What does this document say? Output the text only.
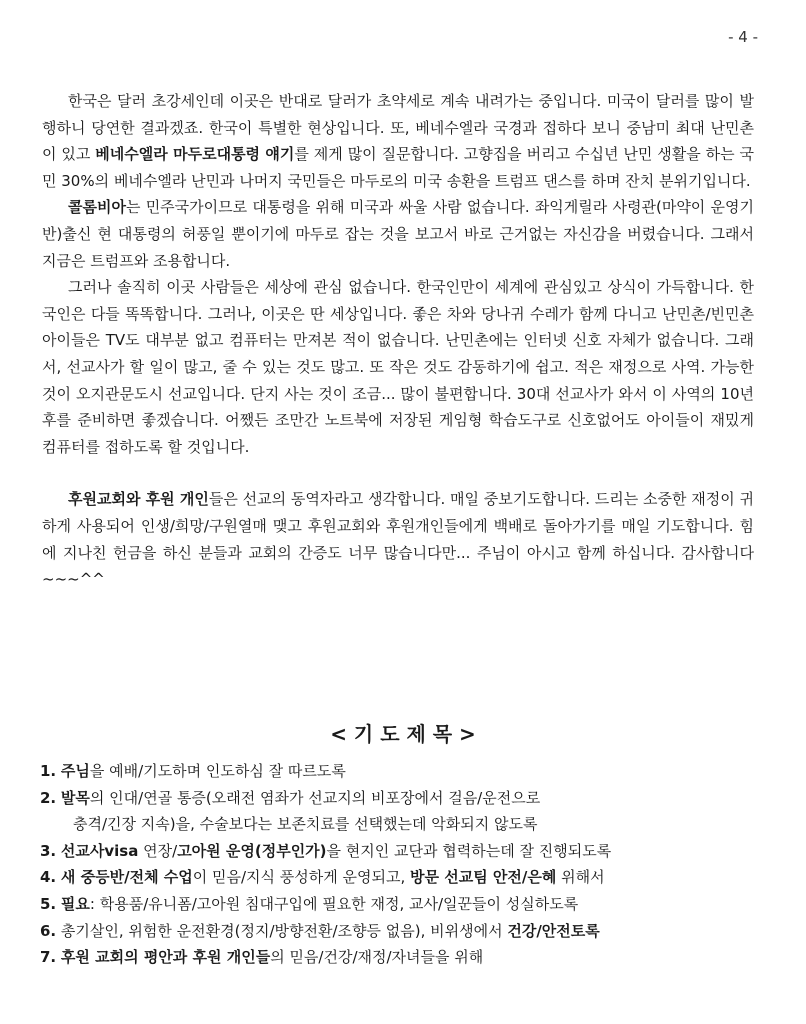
- 4 -

한국은 달러 초강세인데 이곳은 반대로 달러가 초약세로 계속 내려가는 중입니다. 미국이 달러를 많이 발행하니 당연한 결과겠죠. 한국이 특별한 현상입니다. 또, 베네수엘라 국경과 접하다 보니 중남미 최대 난민촌이 있고 베네수엘라 마두로대통령 얘기를 제게 많이 질문합니다. 고향집을 버리고 수십년 난민 생활을 하는 국민 30%의 베네수엘라 난민과 나머지 국민들은 마두로의 미국 송환을 트럼프 댄스를 하며 잔치 분위기입니다.

콜롬비아는 민주국가이므로 대통령을 위해 미국과 싸울 사람 없습니다. 좌익게릴라 사령관(마약이 운영기반)출신 현 대통령의 허풍일 뿐이기에 마두로 잡는 것을 보고서 바로 근거없는 자신감을 버렸습니다. 그래서 지금은 트럼프와 조용합니다.

그러나 솔직히 이곳 사람들은 세상에 관심 없습니다. 한국인만이 세계에 관심있고 상식이 가득합니다. 한국인은 다들 똑똑합니다. 그러나, 이곳은 딴 세상입니다. 좋은 차와 당나귀 수레가 함께 다니고 난민촌/빈민촌 아이들은 TV도 대부분 없고 컴퓨터는 만져본 적이 없습니다. 난민촌에는 인터넷 신호 자체가 없습니다. 그래서, 선교사가 할 일이 많고, 줄 수 있는 것도 많고. 또 작은 것도 감동하기에 쉽고. 적은 재정으로 사역. 가능한 것이 오지관문도시 선교입니다. 단지 사는 것이 조금... 많이 불편합니다. 30대 선교사가 와서 이 사역의 10년 후를 준비하면 좋겠습니다. 어쨌든 조만간 노트북에 저장된 게임형 학습도구로 신호없어도 아이들이 재밌게 컴퓨터를 접하도록 할 것입니다.

후원교회와 후원 개인들은 선교의 동역자라고 생각합니다. 매일 중보기도합니다. 드리는 소중한 재정이 귀하게 사용되어 인생/희망/구원열매 맺고 후원교회와 후원개인들에게 백배로 돌아가기를 매일 기도합니다. 힘에 지나친 헌금을 하신 분들과 교회의 간증도 너무 많습니다만... 주님이 아시고 함께 하십니다. 감사합니다~~~^^

< 기 도 제 목 >
1. 주님을 예배/기도하며 인도하심 잘 따르도록
2. 발목의 인대/연골 통증(오래전 염좌가 선교지의 비포장에서 걸음/운전으로
충격/긴장 지속)을, 수술보다는 보존치료를 선택했는데 악화되지 않도록
3. 선교사visa 연장/고아원 운영(정부인가)을 현지인 교단과 협력하는데 잘 진행되도록
4. 새 중등반/전체 수업이 믿음/지식 풍성하게 운영되고, 방문 선교팀 안전/은혜 위해서
5. 필요: 학용품/유니폼/고아원 침대구입에 필요한 재정, 교사/일꾼들이 성실하도록
6. 총기살인, 위험한 운전환경(정지/방향전환/조향등 없음), 비위생에서 건강/안전토록
7. 후원 교회의 평안과 후원 개인들의 믿음/건강/재정/자녀들을 위해
